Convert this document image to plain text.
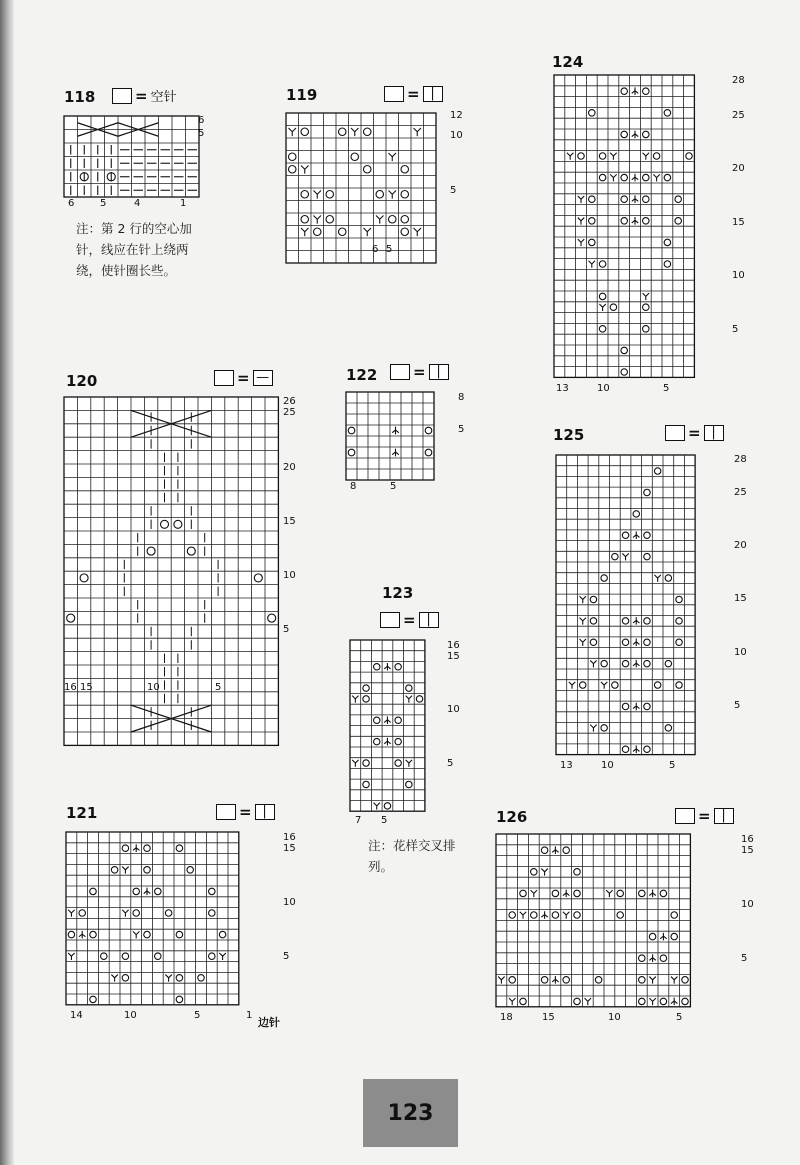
118	= 空针
6
5
6	5	4	1
注：第 2 行的空心加针，线应在针上绕两绕，使针圈长些。
119	= |
12
10
5
6 5
124
28
25
20
15
10
5
13	10	5
120	= —
26
25
20
15
10
5
16 15	10	5
122 = |
8
5
8	5
125	= |
28
25
20
15
10
5
13	10	5
123
= |
16
15
10
5
7 5
注：花样交叉排列。
121	= |
16
15
10
5
14	10	5	1
边针
126	= |
16
15
10
5
18	15	10	5
123
